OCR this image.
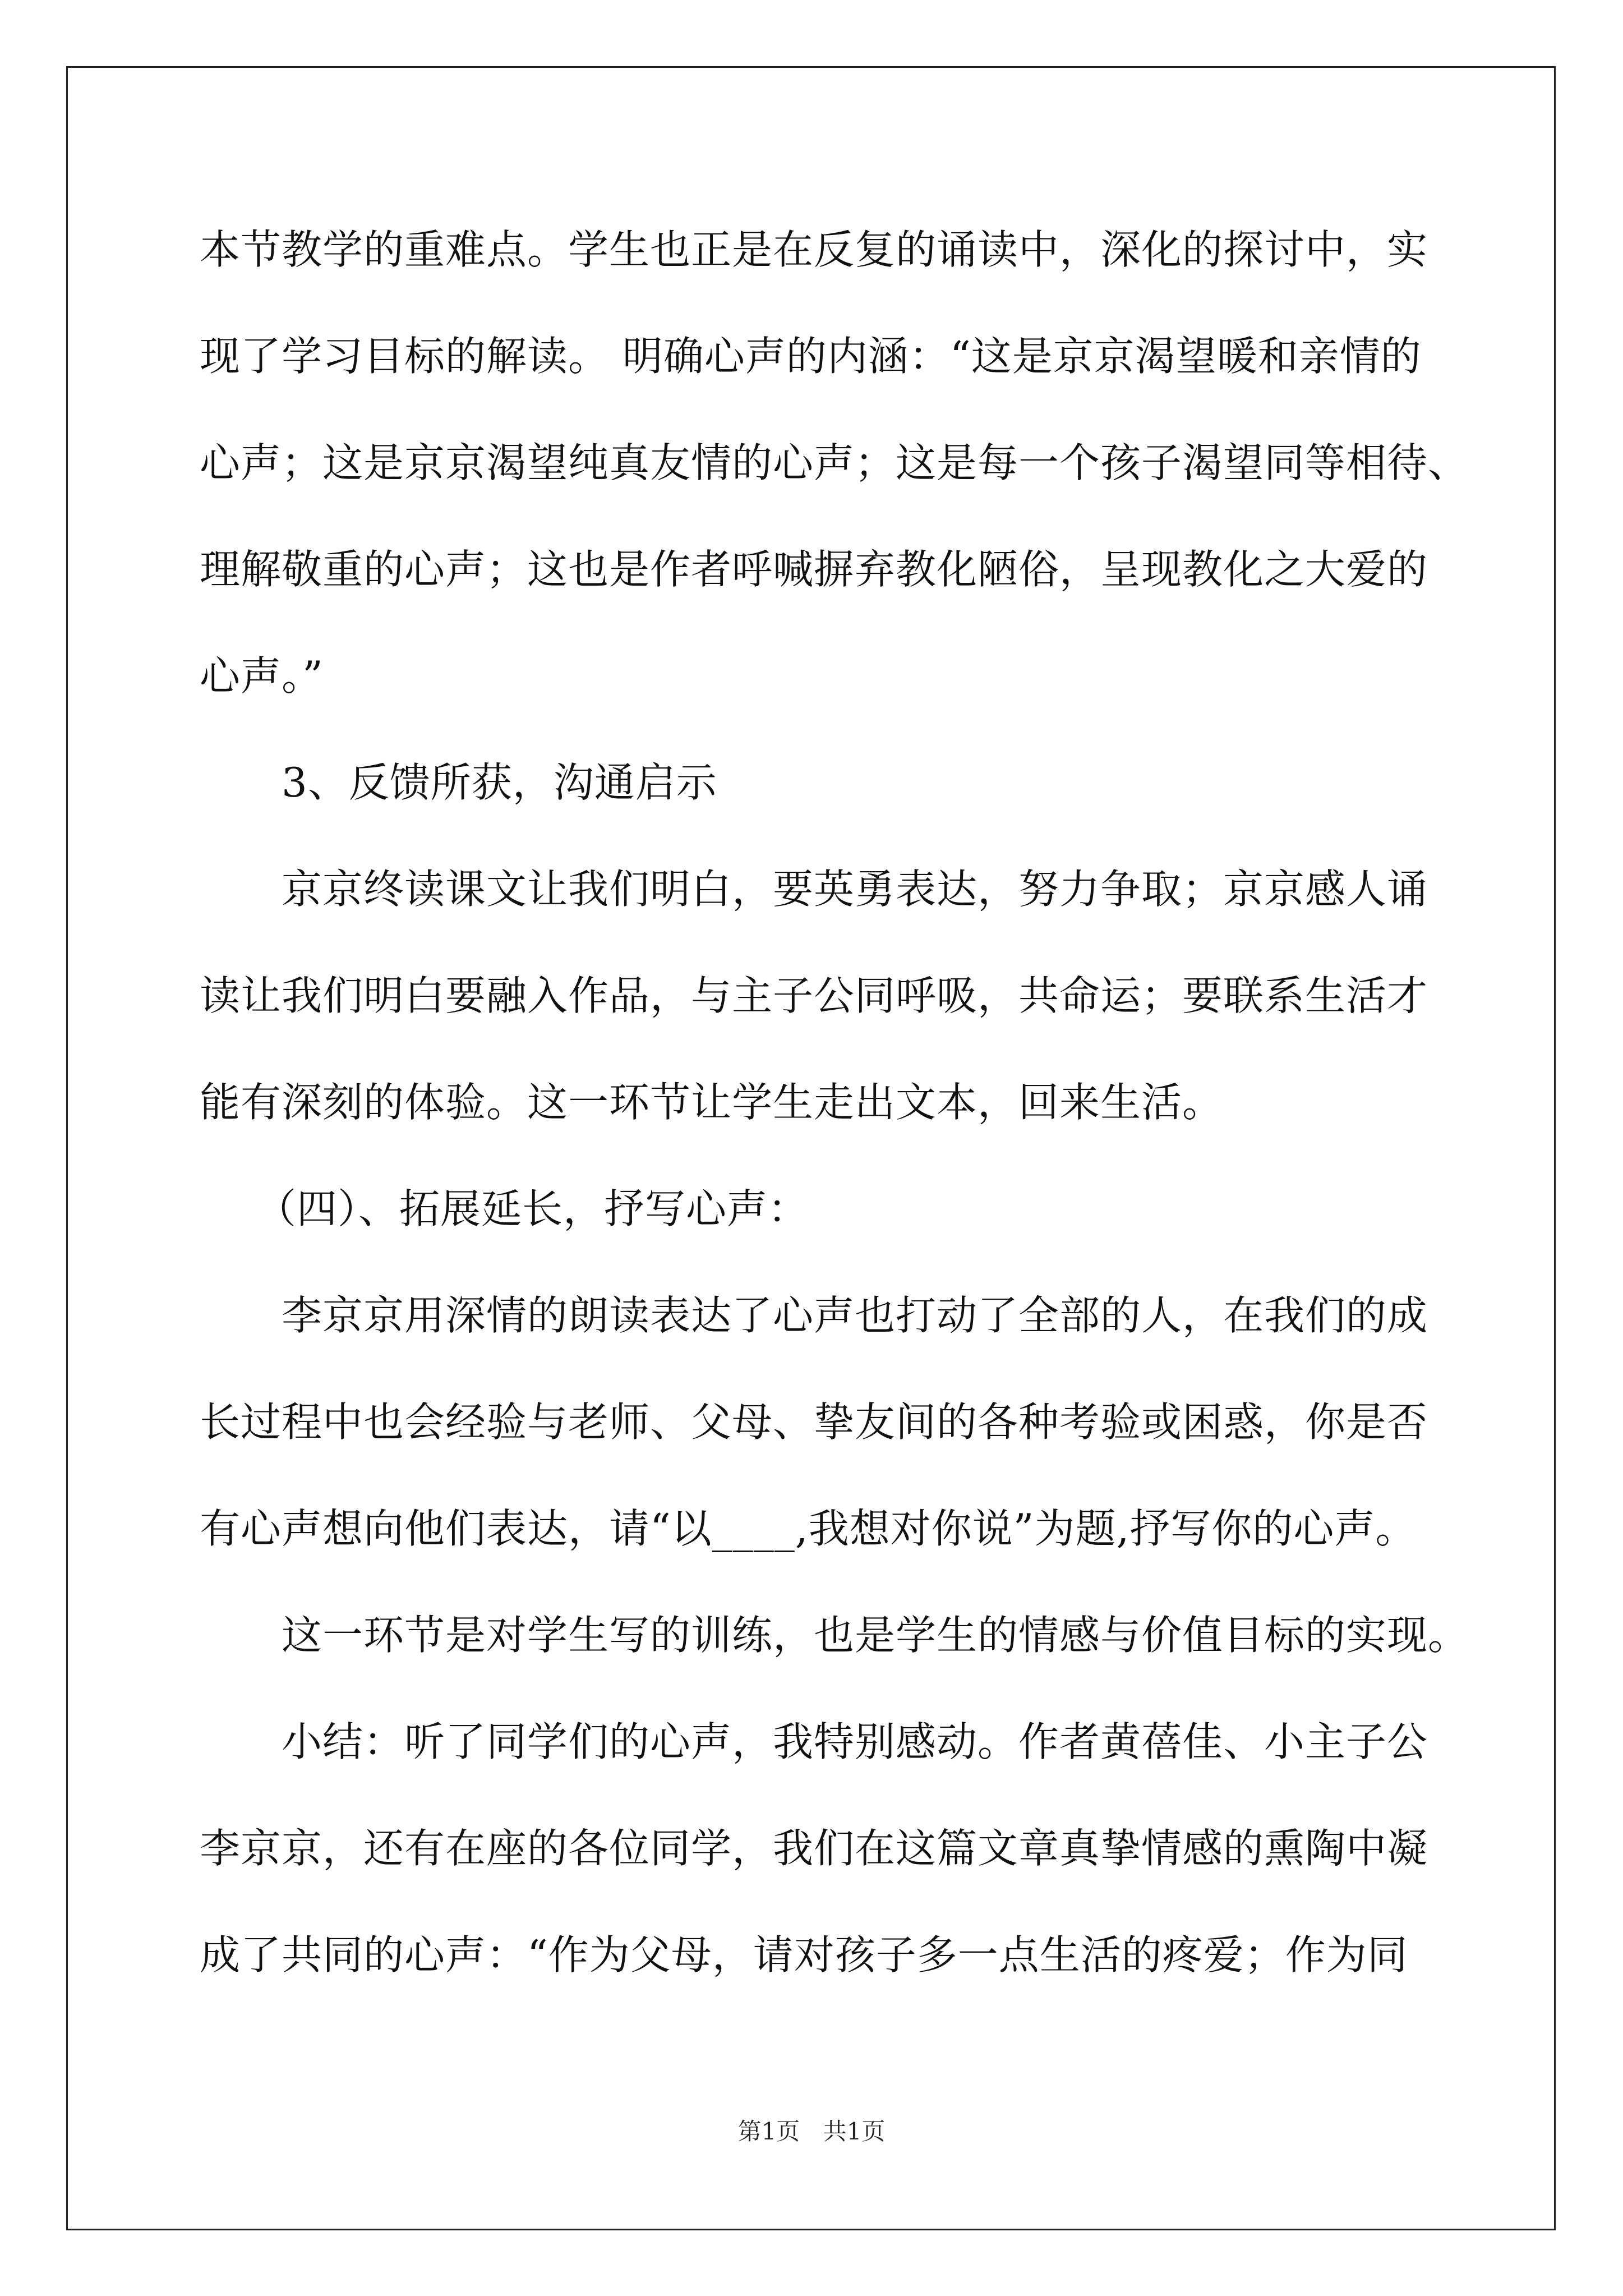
本节教学的重难点。学生也正是在反复的诵读中，深化的探讨中，实
现了学习目标的解读。 明确心声的内涵：“这是京京渴望暖和亲情的
心声；这是京京渴望纯真友情的心声；这是每一个孩子渴望同等相待、
理解敬重的心声；这也是作者呼喊摒弃教化陋俗，呈现教化之大爱的
心声。”
3、反馈所获，沟通启示
京京终读课文让我们明白，要英勇表达，努力争取；京京感人诵
读让我们明白要融入作品，与主子公同呼吸，共命运；要联系生活才
能有深刻的体验。这一环节让学生走出文本，回来生活。
（四）、拓展延长，抒写心声：
李京京用深情的朗读表达了心声也打动了全部的人，在我们的成
长过程中也会经验与老师、父母、挚友间的各种考验或困惑，你是否
有心声想向他们表达，请“以____,我想对你说”为题,抒写你的心声。
这一环节是对学生写的训练，也是学生的情感与价值目标的实现。
小结：听了同学们的心声，我特别感动。作者黄蓓佳、小主子公
李京京，还有在座的各位同学，我们在这篇文章真挚情感的熏陶中凝
成了共同的心声：“作为父母，请对孩子多一点生活的疼爱；作为同
第1页 共1页
